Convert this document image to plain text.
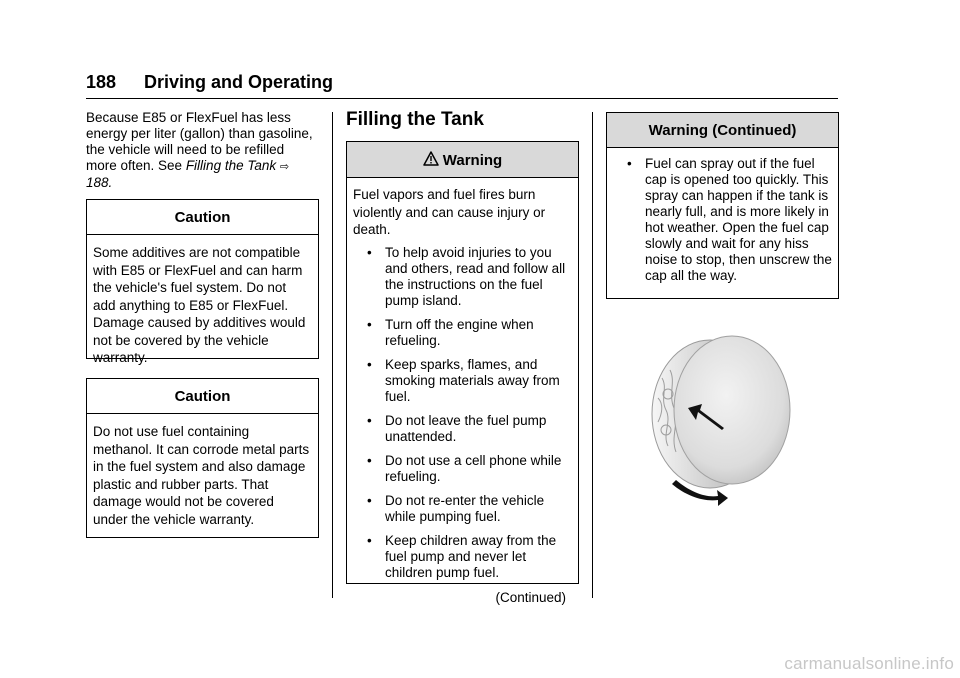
188 Driving and Operating
Because E85 or FlexFuel has less energy per liter (gallon) than gasoline, the vehicle will need to be refilled more often. See Filling the Tank ⇨ 188.
Caution
Some additives are not compatible with E85 or FlexFuel and can harm the vehicle's fuel system. Do not add anything to E85 or FlexFuel. Damage caused by additives would not be covered by the vehicle warranty.
Caution
Do not use fuel containing methanol. It can corrode metal parts in the fuel system and also damage plastic and rubber parts. That damage would not be covered under the vehicle warranty.
Filling the Tank
Warning
Fuel vapors and fuel fires burn violently and can cause injury or death.
• To help avoid injuries to you and others, read and follow all the instructions on the fuel pump island.
• Turn off the engine when refueling.
• Keep sparks, flames, and smoking materials away from fuel.
• Do not leave the fuel pump unattended.
• Do not use a cell phone while refueling.
• Do not re-enter the vehicle while pumping fuel.
• Keep children away from the fuel pump and never let children pump fuel.
(Continued)
Warning (Continued)
• Fuel can spray out if the fuel cap is opened too quickly. This spray can happen if the tank is nearly full, and is more likely in hot weather. Open the fuel cap slowly and wait for any hiss noise to stop, then unscrew the cap all the way.
carmanualsonline.info
